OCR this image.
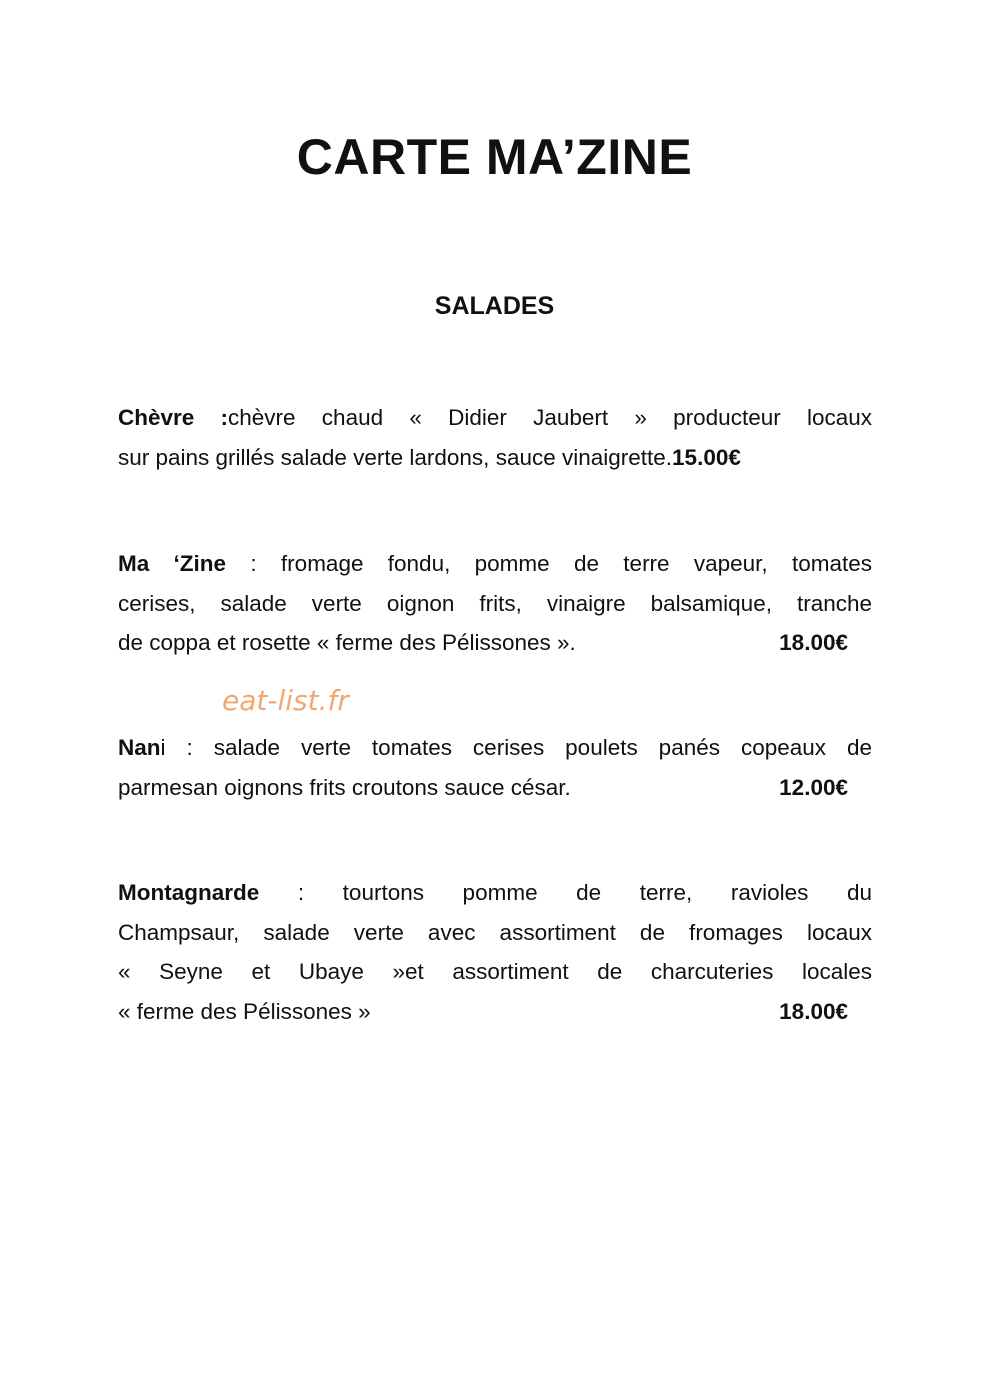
CARTE MA’ZINE
SALADES
Chèvre :chèvre chaud « Didier Jaubert » producteur locaux
sur pains grillés salade verte lardons, sauce vinaigrette.15.00€
Ma ‘Zine : fromage fondu, pomme de terre vapeur, tomates
cerises, salade verte oignon frits, vinaigre balsamique, tranche
de coppa et rosette « ferme des Pélissones ».	18.00€
eat-list.fr
Nani : salade verte tomates cerises poulets panés copeaux de
parmesan oignons frits croutons sauce césar.	12.00€
Montagnarde : tourtons pomme de terre, ravioles du
Champsaur, salade verte avec assortiment de fromages locaux
« Seyne et Ubaye »et assortiment de charcuteries locales
« ferme des Pélissones »	18.00€
